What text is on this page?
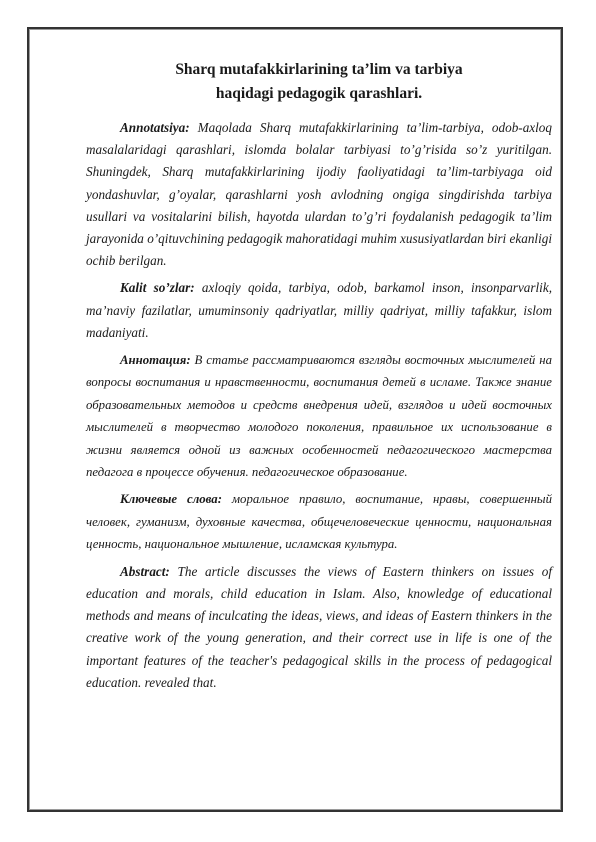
Sharq mutafakkirlarining ta’lim va tarbiya
haqidagi pedagogik qarashlari.

Annotatsiya: Maqolada Sharq mutafakkirlarining ta’lim-tarbiya, odob-axloq masalalaridagi qarashlari, islomda bolalar tarbiyasi to’g’risida so’z yuritilgan. Shuningdek, Sharq mutafakkirlarining ijodiy faoliyatidagi ta’lim-tarbiyaga oid yondashuvlar, g’oyalar, qarashlarni yosh avlodning ongiga singdirishda tarbiya usullari va vositalarini bilish, hayotda ulardan to’g’ri foydalanish pedagogik ta’lim jarayonida o’qituvchining pedagogik mahoratidagi muhim xususiyatlardan biri ekanligi ochib berilgan.

Kalit so’zlar: axloqiy qoida, tarbiya, odob, barkamol inson, insonparvarlik, ma’naviy fazilatlar, umuminsoniy qadriyatlar, milliy qadriyat, milliy tafakkur, islom madaniyati.

Аннотация: В статье рассматриваются взгляды восточных мыслителей на вопросы воспитания и нравственности, воспитания детей в исламе. Также знание образовательных методов и средств внедрения идей, взглядов и идей восточных мыслителей в творчество молодого поколения, правильное их использование в жизни является одной из важных особенностей педагогического мастерства педагога в процессе обучения. педагогическое образование.

Ключевые слова: моральное правило, воспитание, нравы, совершенный человек, гуманизм, духовные качества, общечеловеческие ценности, национальная ценность, национальное мышление, исламская культура.

Abstract: The article discusses the views of Eastern thinkers on issues of education and morals, child education in Islam. Also, knowledge of educational methods and means of inculcating the ideas, views, and ideas of Eastern thinkers in the creative work of the young generation, and their correct use in life is one of the important features of the teacher's pedagogical skills in the process of pedagogical education. revealed that.
